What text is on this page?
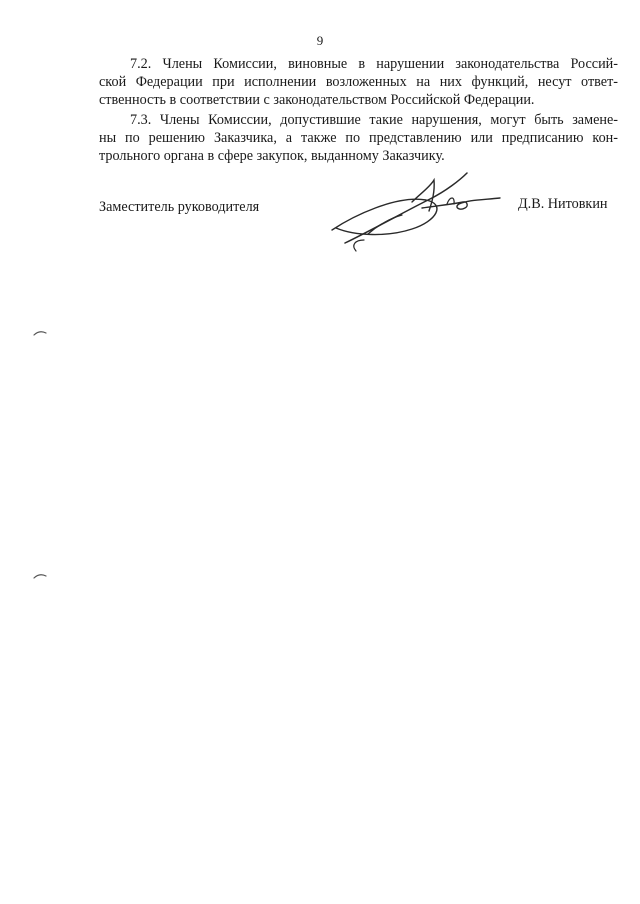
9
7.2. Члены Комиссии, виновные в нарушении законодательства Россий-
ской Федерации при исполнении возложенных на них функций, несут ответ-
ственность в соответствии с законодательством Российской Федерации.
7.3. Члены Комиссии, допустившие такие нарушения, могут быть замене-
ны по решению Заказчика, а также по представлению или предписанию кон-
трольного органа в сфере закупок, выданному Заказчику.
Заместитель руководителя	Д.В. Нитовкин
